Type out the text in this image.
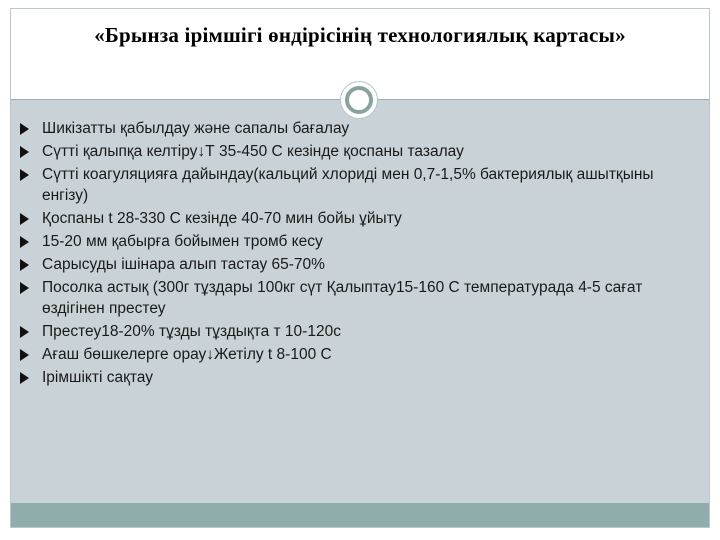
«Брынза ірімшігі өндірісінің технологиялық картасы»
Шикізатты қабылдау және сапалы бағалау
Сүтті қалыпқа келтіру↓Т 35-450 С кезінде қоспаны тазалау
Сүтті коагуляцияға дайындау(кальций хлориді мен 0,7-1,5% бактериялық ашытқыны енгізу)
Қоспаны t 28-330 С кезінде 40-70 мин бойы ұйыту
15-20 мм қабырға бойымен тромб кесу
Сарысуды ішінара алып тастау 65-70%
Посолка астық (300г тұздары 100кг сүт Қалыптау15-160 С температурада 4-5 сағат өздігінен престеу
Престеу18-20% тұзды тұздықта т 10-120с
Ағаш бөшкелерге орау↓Жетілу t 8-100 С
Ірімшікті сақтау
